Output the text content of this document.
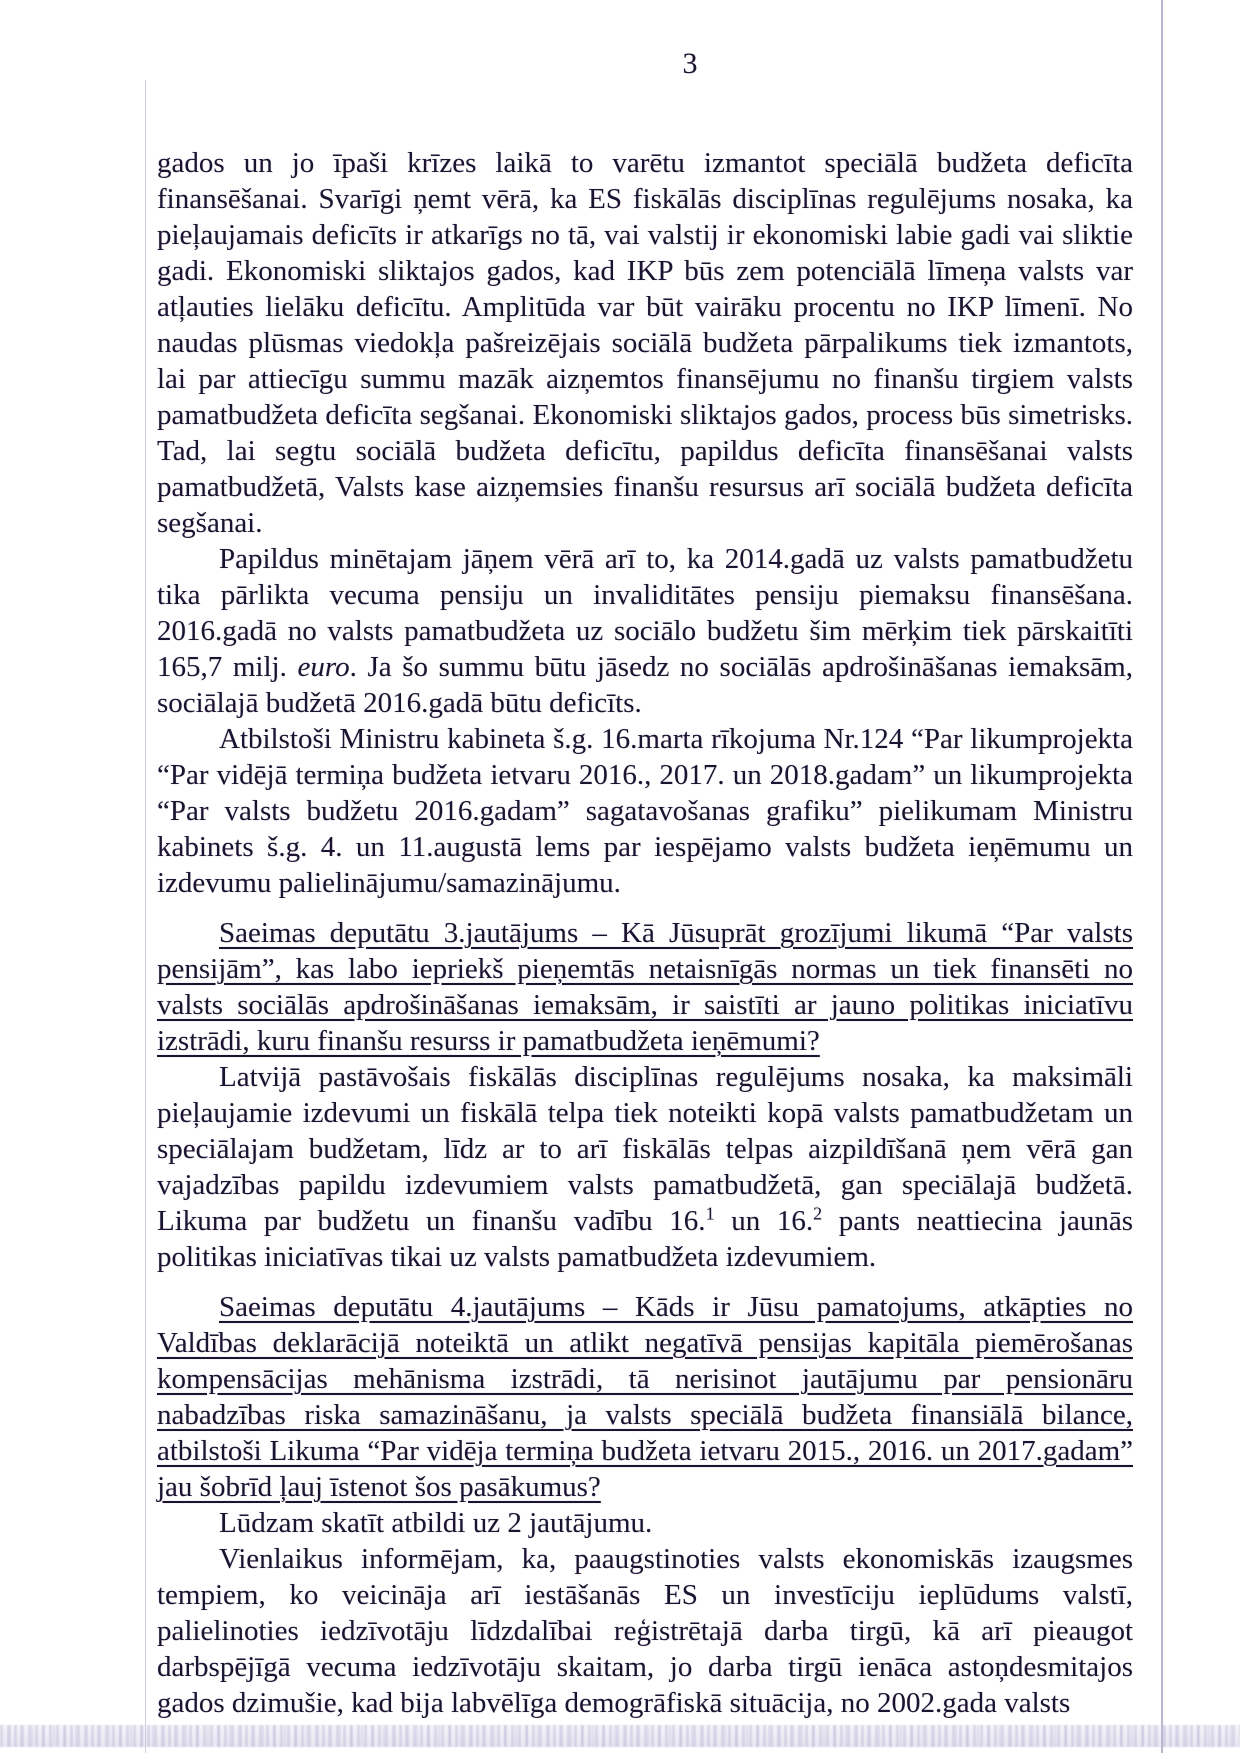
3

gados un jo īpaši krīzes laikā to varētu izmantot speciālā budžeta deficīta finansēšanai. Svarīgi ņemt vērā, ka ES fiskālās disciplīnas regulējums nosaka, ka pieļaujamais deficīts ir atkarīgs no tā, vai valstij ir ekonomiski labie gadi vai sliktie gadi. Ekonomiski sliktajos gados, kad IKP būs zem potenciālā līmeņa valsts var atļauties lielāku deficītu. Amplitūda var būt vairāku procentu no IKP līmenī. No naudas plūsmas viedokļa pašreizējais sociālā budžeta pārpalikums tiek izmantots, lai par attiecīgu summu mazāk aizņemtos finansējumu no finanšu tirgiem valsts pamatbudžeta deficīta segšanai. Ekonomiski sliktajos gados, process būs simetrisks. Tad, lai segtu sociālā budžeta deficītu, papildus deficīta finansēšanai valsts pamatbudžetā, Valsts kase aizņemsies finanšu resursus arī sociālā budžeta deficīta segšanai.

Papildus minētajam jāņem vērā arī to, ka 2014.gadā uz valsts pamatbudžetu tika pārlikta vecuma pensiju un invaliditātes pensiju piemaksu finansēšana. 2016.gadā no valsts pamatbudžeta uz sociālo budžetu šim mērķim tiek pārskaitīti 165,7 milj. euro. Ja šo summu būtu jāsedz no sociālās apdrošināšanas iemaksām, sociālajā budžetā 2016.gadā būtu deficīts.

Atbilstoši Ministru kabineta š.g. 16.marta rīkojuma Nr.124 “Par likumprojekta “Par vidējā termiņa budžeta ietvaru 2016., 2017. un 2018.gadam” un likumprojekta “Par valsts budžetu 2016.gadam” sagatavošanas grafiku” pielikumam Ministru kabinets š.g. 4. un 11.augustā lems par iespējamo valsts budžeta ieņēmumu un izdevumu palielinājumu/samazinājumu.

Saeimas deputātu 3.jautājums – Kā Jūsuprāt grozījumi likumā “Par valsts pensijām”, kas labo iepriekš pieņemtās netaisnīgās normas un tiek finansēti no valsts sociālās apdrošināšanas iemaksām, ir saistīti ar jauno politikas iniciatīvu izstrādi, kuru finanšu resurss ir pamatbudžeta ieņēmumi?

Latvijā pastāvošais fiskālās disciplīnas regulējums nosaka, ka maksimāli pieļaujamie izdevumi un fiskālā telpa tiek noteikti kopā valsts pamatbudžetam un speciālajam budžetam, līdz ar to arī fiskālās telpas aizpildīšanā ņem vērā gan vajadzības papildu izdevumiem valsts pamatbudžetā, gan speciālajā budžetā. Likuma par budžetu un finanšu vadību 16.$^1$ un 16.$^2$ pants neattiecina jaunās politikas iniciatīvas tikai uz valsts pamatbudžeta izdevumiem.

Saeimas deputātu 4.jautājums – Kāds ir Jūsu pamatojums, atkāpties no Valdības deklarācijā noteiktā un atlikt negatīvā pensijas kapitāla piemērošanas kompensācijas mehānisma izstrādi, tā nerisinot jautājumu par pensionāru nabadzības riska samazināšanu, ja valsts speciālā budžeta finansiālā bilance, atbilstoši Likuma “Par vidēja termiņa budžeta ietvaru 2015., 2016. un 2017.gadam” jau šobrīd ļauj īstenot šos pasākumus?

Lūdzam skatīt atbildi uz 2 jautājumu.

Vienlaikus informējam, ka, paaugstinoties valsts ekonomiskās izaugsmes tempiem, ko veicināja arī iestāšanās ES un investīciju ieplūdums valstī, palielinoties iedzīvotāju līdzdalībai reģistrētajā darba tirgū, kā arī pieaugot darbspējīgā vecuma iedzīvotāju skaitam, jo darba tirgū ienāca astoņdesmitajos gados dzimušie, kad bija labvēlīga demogrāfiskā situācija, no 2002.gada valsts
